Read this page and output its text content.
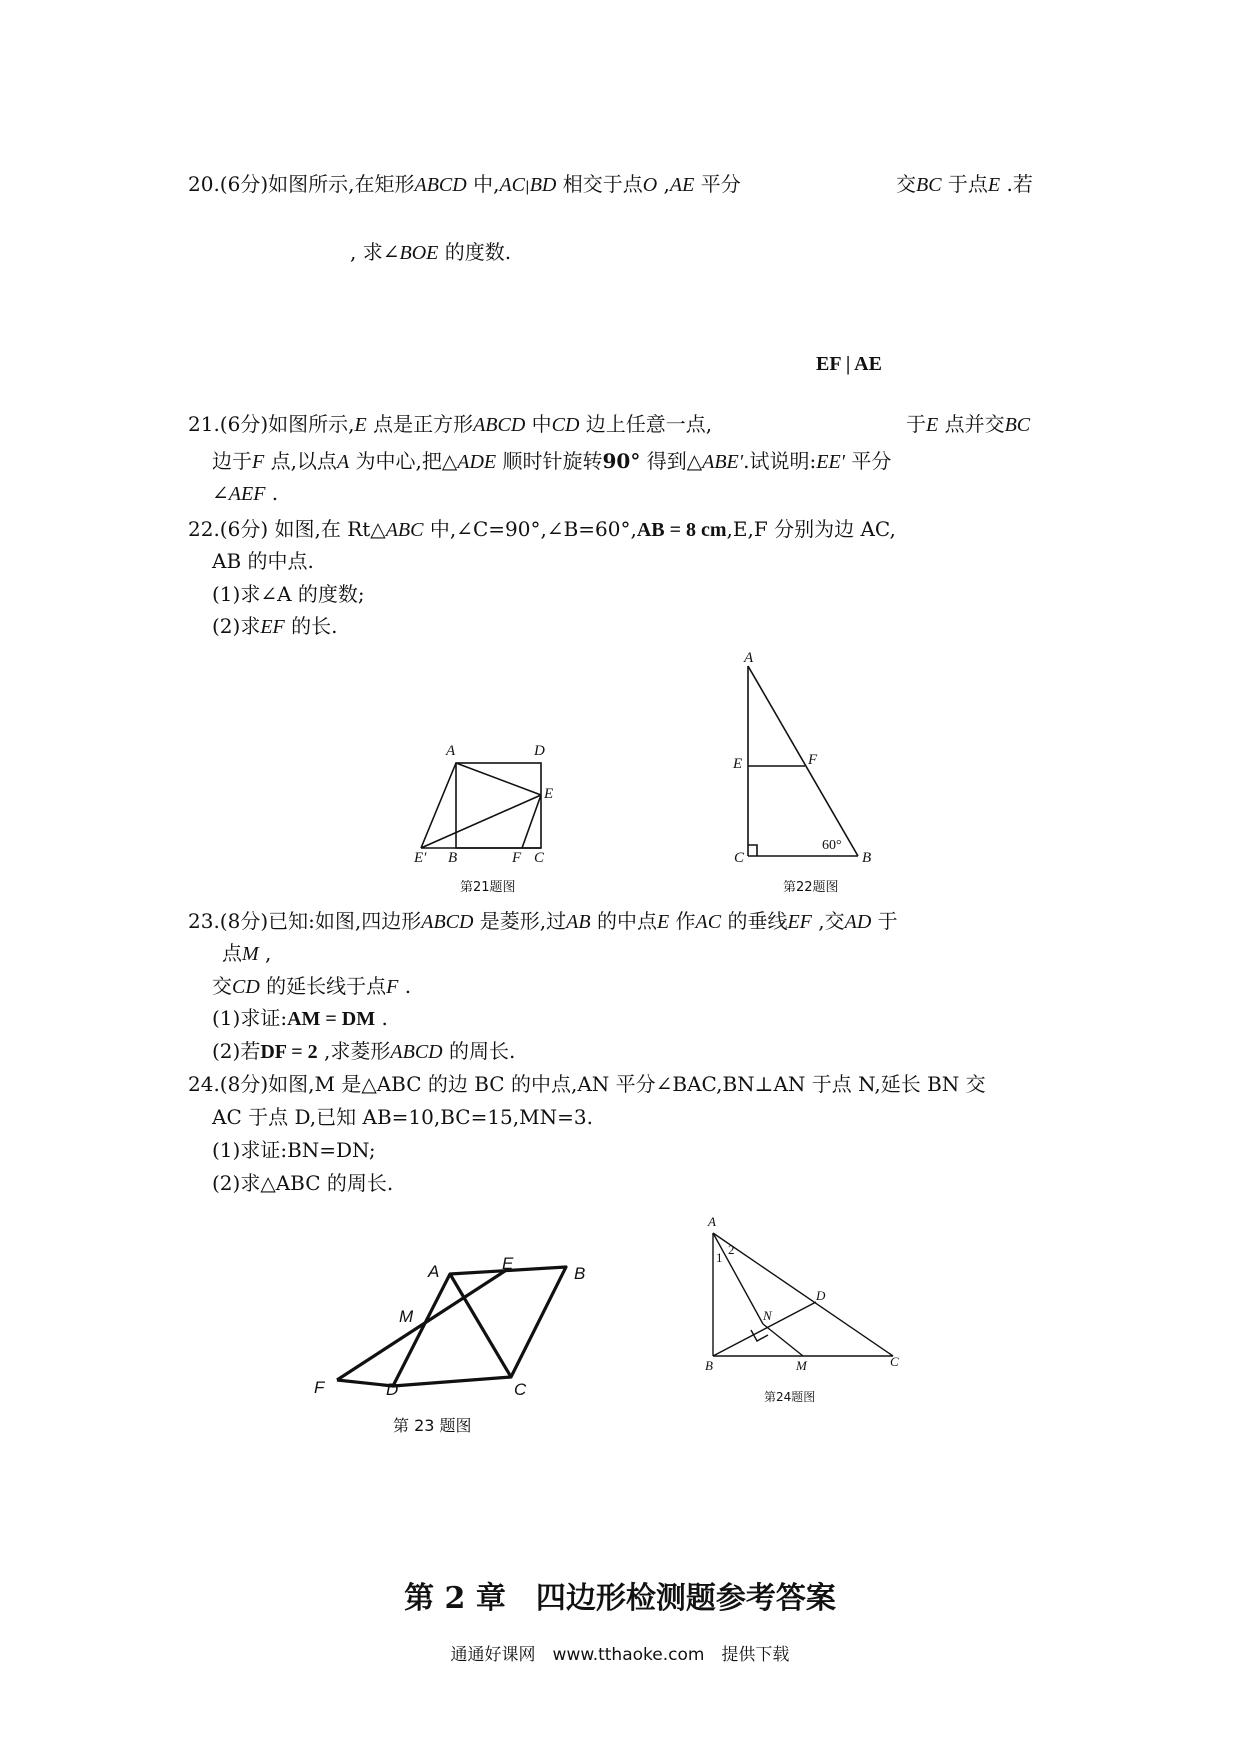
20.(6分)如图所示,在矩形ABCD 中,AC|BD 相交于点O ,AE 平分	交BC 于点E .若
, 求∠BOE 的度数.
EF | AE
21.(6分)如图所示,E 点是正方形ABCD 中CD 边上任意一点,	于E 点并交BC
边于F 点,以点A 为中心,把△ADE 顺时针旋转90° 得到△ABE′.试说明:EE′ 平分
∠AEF .
22.(6分) 如图,在 Rt△ABC 中,∠C=90°,∠B=60°,AB = 8 cm,E,F 分别为边 AC,
AB 的中点.
(1)求∠A 的度数;
(2)求EF 的长.
A	D
E
E′ B	F C
第21题图
A
E	F
C	B
60°
第22题图
23.(8分)已知:如图,四边形ABCD 是菱形,过AB 的中点E 作AC 的垂线EF ,交AD 于
点M ,
交CD 的延长线于点F .
(1)求证:AM = DM .
(2)若DF = 2 ,求菱形ABCD 的周长.
24.(8分)如图,M 是△ABC 的边 BC 的中点,AN 平分∠BAC,BN⊥AN 于点 N,延长 BN 交
AC 于点 D,已知 AB=10,BC=15,MN=3.
(1)求证:BN=DN;
(2)求△ABC 的周长.
A	E
B
M
F	D	C
第 23 题图
A
1
2
N
D
B	M	C
第24题图
第 2 章　四边形检测题参考答案
通通好课网　www.tthaoke.com　提供下载
